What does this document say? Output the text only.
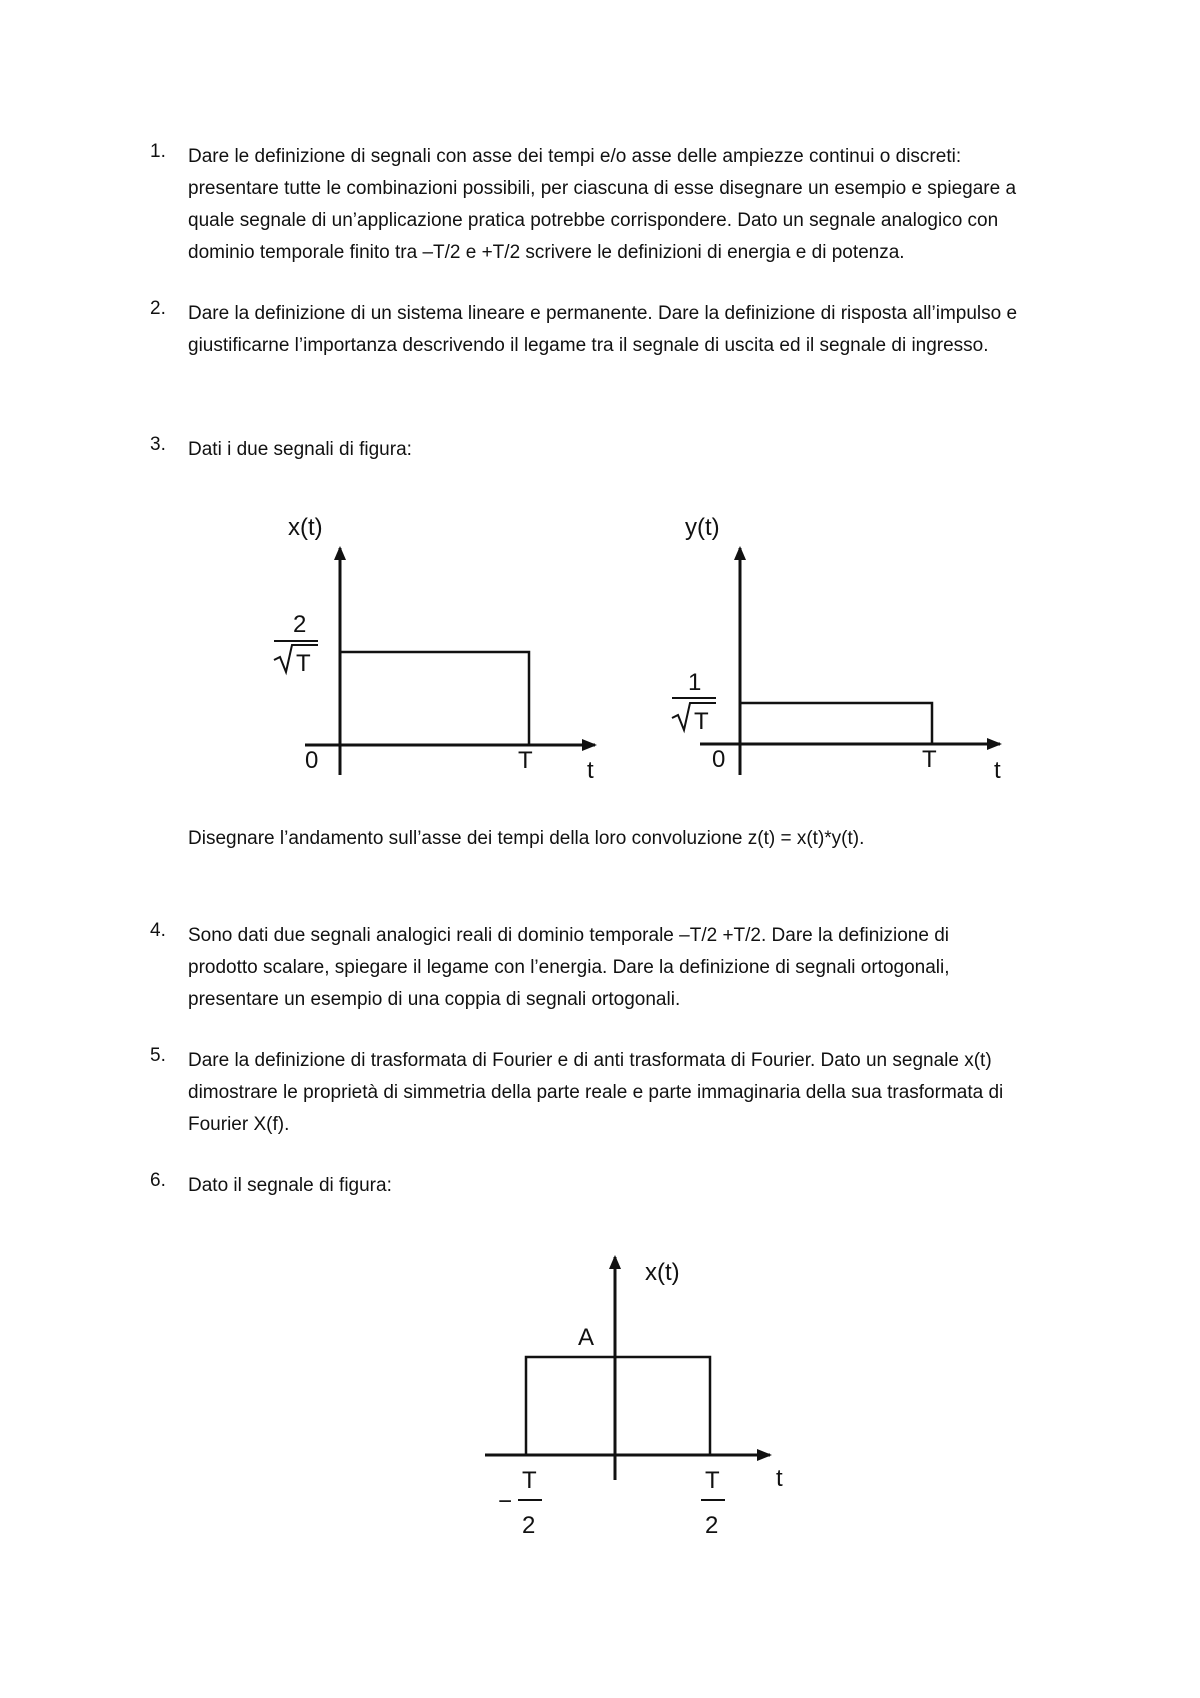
1.	Dare le definizione di segnali con asse dei tempi e/o asse delle ampiezze continui o discreti:
presentare tutte le combinazioni possibili, per ciascuna di esse disegnare un esempio e spiegare a
quale segnale di un’applicazione pratica potrebbe corrispondere. Dato un segnale analogico con
dominio temporale finito tra –T/2 e +T/2 scrivere le definizioni di energia e di potenza.
2.	Dare la definizione di un sistema lineare e permanente. Dare la definizione di risposta all’impulso e
giustificarne l’importanza descrivendo il legame tra il segnale di uscita ed il segnale di ingresso.
3.	Dati i due segnali di figura:
x(t)
2
T
0	T t
y(t)
1
T
0	T t
Disegnare l’andamento sull’asse dei tempi della loro convoluzione z(t) = x(t)*y(t).
4.	Sono dati due segnali analogici reali di dominio temporale –T/2 +T/2. Dare la definizione di
prodotto scalare, spiegare il legame con l’energia. Dare la definizione di segnali ortogonali,
presentare un esempio di una coppia di segnali ortogonali.
5.	Dare la definizione di trasformata di Fourier e di anti trasformata di Fourier. Dato un segnale x(t)
dimostrare le proprietà di simmetria della parte reale e parte immaginaria della sua trasformata di
Fourier X(f).
6.	Dato il segnale di figura:
x(t)
A
−
T
2
T
2
t
